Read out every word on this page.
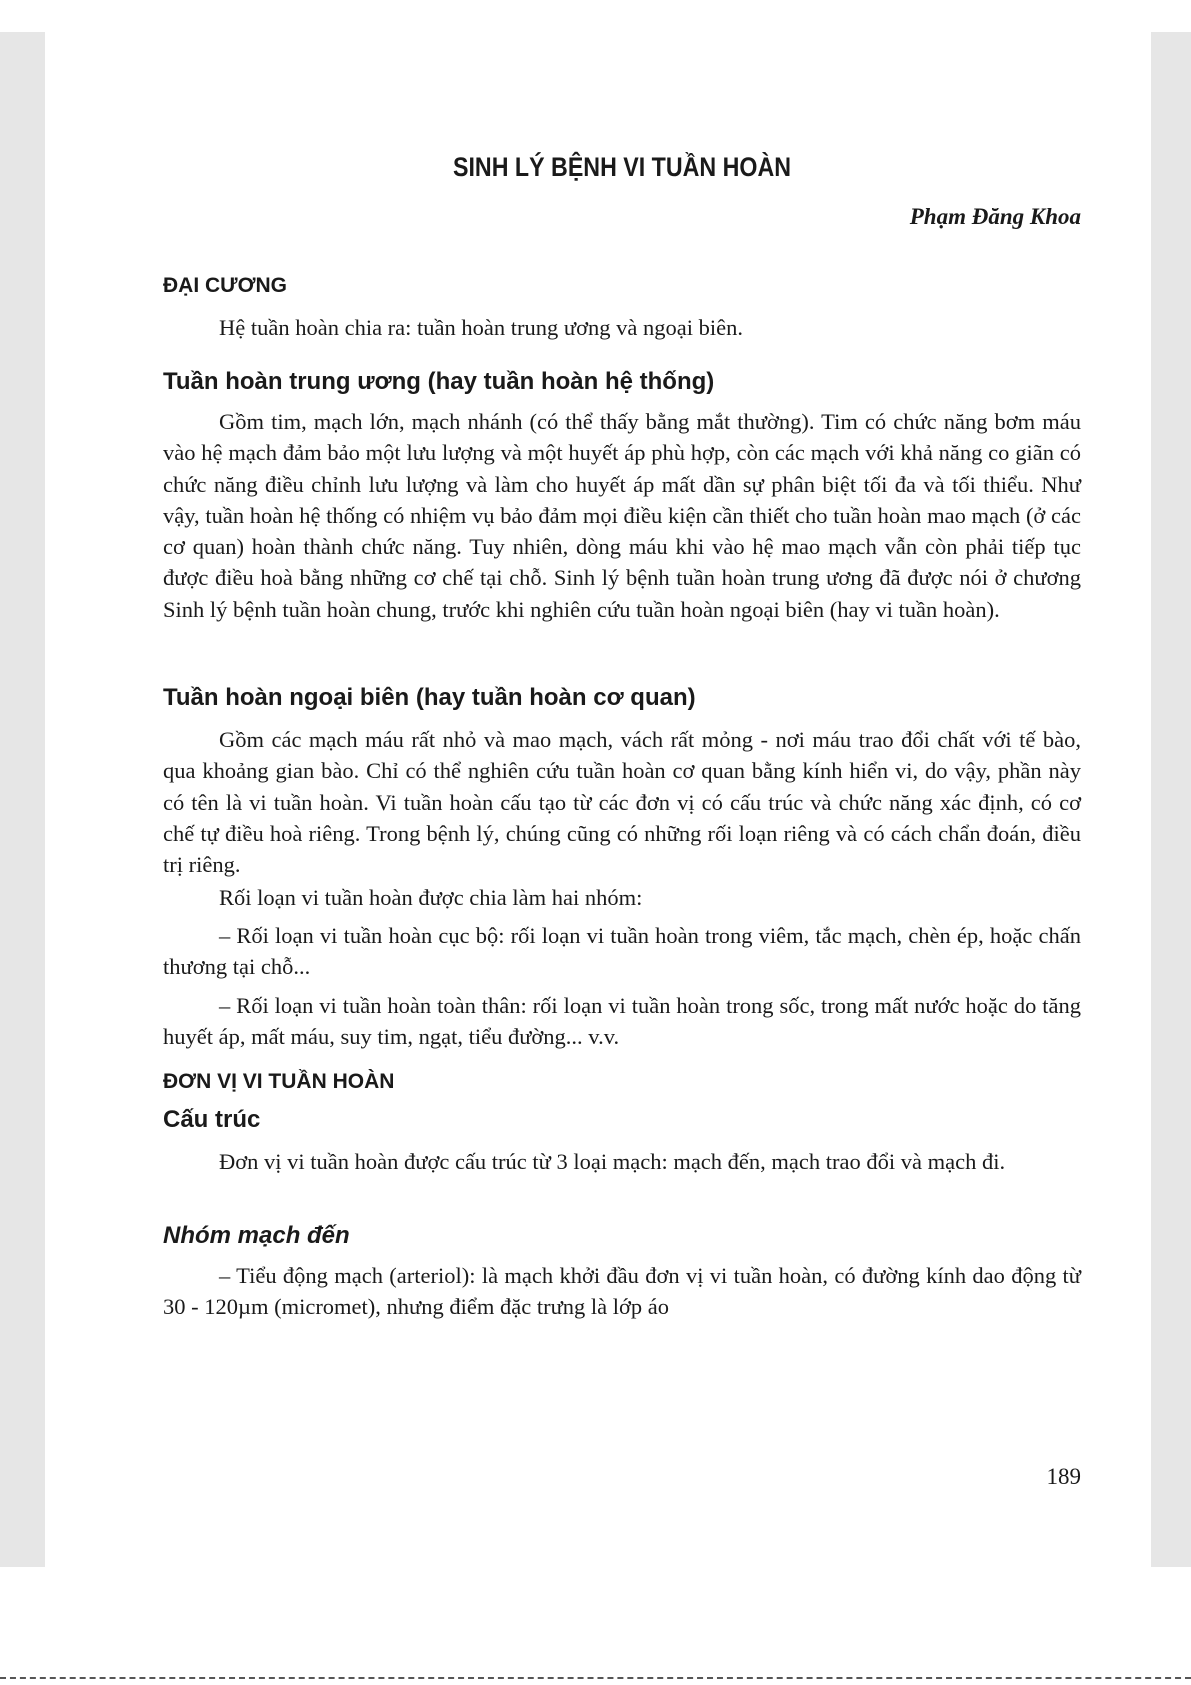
SINH LÝ BỆNH VI TUẦN HOÀN

Phạm Đăng Khoa

ĐẠI CƯƠNG

Hệ tuần hoàn chia ra: tuần hoàn trung ương và ngoại biên.

Tuần hoàn trung ương (hay tuần hoàn hệ thống)

Gồm tim, mạch lớn, mạch nhánh (có thể thấy bằng mắt thường). Tim có chức năng bơm máu vào hệ mạch đảm bảo một lưu lượng và một huyết áp phù hợp, còn các mạch với khả năng co giãn có chức năng điều chỉnh lưu lượng và làm cho huyết áp mất dần sự phân biệt tối đa và tối thiểu. Như vậy, tuần hoàn hệ thống có nhiệm vụ bảo đảm mọi điều kiện cần thiết cho tuần hoàn mao mạch (ở các cơ quan) hoàn thành chức năng. Tuy nhiên, dòng máu khi vào hệ mao mạch vẫn còn phải tiếp tục được điều hoà bằng những cơ chế tại chỗ. Sinh lý bệnh tuần hoàn trung ương đã được nói ở chương Sinh lý bệnh tuần hoàn chung, trước khi nghiên cứu tuần hoàn ngoại biên (hay vi tuần hoàn).

Tuần hoàn ngoại biên (hay tuần hoàn cơ quan)

Gồm các mạch máu rất nhỏ và mao mạch, vách rất mỏng - nơi máu trao đổi chất với tế bào, qua khoảng gian bào. Chỉ có thể nghiên cứu tuần hoàn cơ quan bằng kính hiển vi, do vậy, phần này có tên là vi tuần hoàn. Vi tuần hoàn cấu tạo từ các đơn vị có cấu trúc và chức năng xác định, có cơ chế tự điều hoà riêng. Trong bệnh lý, chúng cũng có những rối loạn riêng và có cách chẩn đoán, điều trị riêng.

Rối loạn vi tuần hoàn được chia làm hai nhóm:

– Rối loạn vi tuần hoàn cục bộ: rối loạn vi tuần hoàn trong viêm, tắc mạch, chèn ép, hoặc chấn thương tại chỗ...

– Rối loạn vi tuần hoàn toàn thân: rối loạn vi tuần hoàn trong sốc, trong mất nước hoặc do tăng huyết áp, mất máu, suy tim, ngạt, tiểu đường... v.v.

ĐƠN VỊ VI TUẦN HOÀN
Cấu trúc

Đơn vị vi tuần hoàn được cấu trúc từ 3 loại mạch: mạch đến, mạch trao đổi và mạch đi.

Nhóm mạch đến

– Tiểu động mạch (arteriol): là mạch khởi đầu đơn vị vi tuần hoàn, có đường kính dao động từ 30 - 120µm (micromet), nhưng điểm đặc trưng là lớp áo

189
